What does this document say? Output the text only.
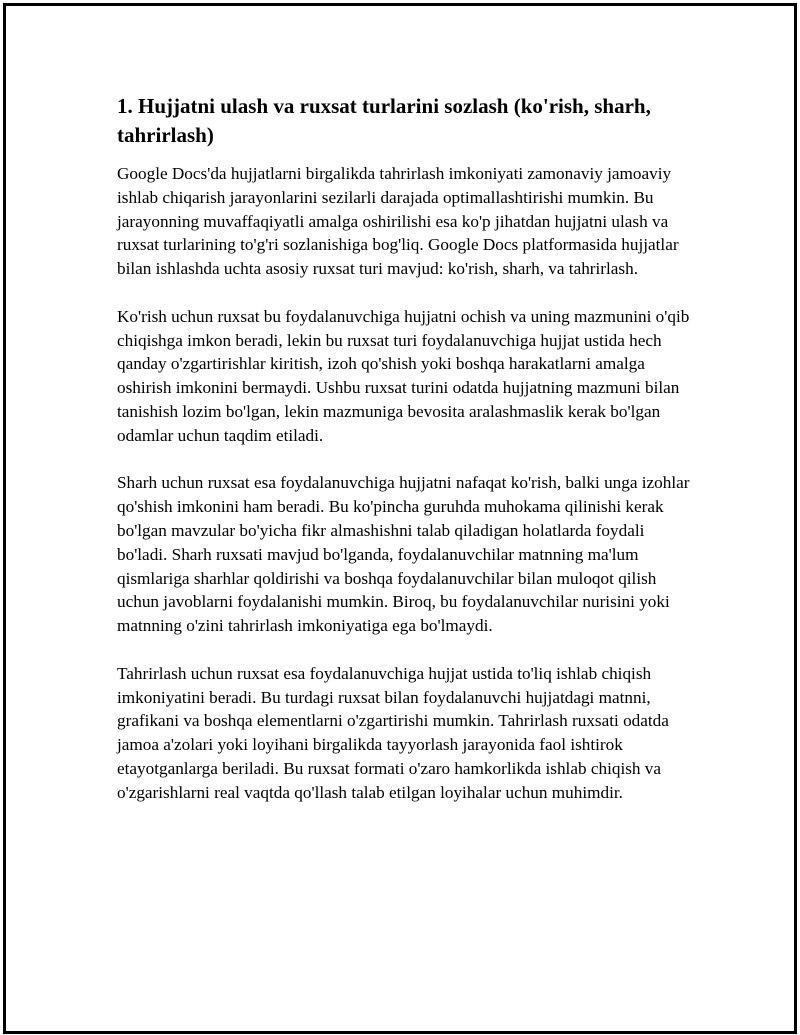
1. Hujjatni ulash va ruxsat turlarini sozlash (ko'rish, sharh, tahrirlash)

Google Docs'da hujjatlarni birgalikda tahrirlash imkoniyati zamonaviy jamoaviy ishlab chiqarish jarayonlarini sezilarli darajada optimallashtirishi mumkin. Bu jarayonning muvaffaqiyatli amalga oshirilishi esa ko'p jihatdan hujjatni ulash va ruxsat turlarining to'g'ri sozlanishiga bog'liq. Google Docs platformasida hujjatlar bilan ishlashda uchta asosiy ruxsat turi mavjud: ko'rish, sharh, va tahrirlash.

Ko'rish uchun ruxsat bu foydalanuvchiga hujjatni ochish va uning mazmunini o'qib chiqishga imkon beradi, lekin bu ruxsat turi foydalanuvchiga hujjat ustida hech qanday o'zgartirishlar kiritish, izoh qo'shish yoki boshqa harakatlarni amalga oshirish imkonini bermaydi. Ushbu ruxsat turini odatda hujjatning mazmuni bilan tanishish lozim bo'lgan, lekin mazmuniga bevosita aralashmaslik kerak bo'lgan odamlar uchun taqdim etiladi.

Sharh uchun ruxsat esa foydalanuvchiga hujjatni nafaqat ko'rish, balki unga izohlar qo'shish imkonini ham beradi. Bu ko'pincha guruhda muhokama qilinishi kerak bo'lgan mavzular bo'yicha fikr almashishni talab qiladigan holatlarda foydali bo'ladi. Sharh ruxsati mavjud bo'lganda, foydalanuvchilar matnning ma'lum qismlariga sharhlar qoldirishi va boshqa foydalanuvchilar bilan muloqot qilish uchun javoblarni foydalanishi mumkin. Biroq, bu foydalanuvchilar nurisini yoki matnning o'zini tahrirlash imkoniyatiga ega bo'lmaydi.

Tahrirlash uchun ruxsat esa foydalanuvchiga hujjat ustida to'liq ishlab chiqish imkoniyatini beradi. Bu turdagi ruxsat bilan foydalanuvchi hujjatdagi matnni, grafikani va boshqa elementlarni o'zgartirishi mumkin. Tahrirlash ruxsati odatda jamoa a'zolari yoki loyihani birgalikda tayyorlash jarayonida faol ishtirok etayotganlarga beriladi. Bu ruxsat formati o'zaro hamkorlikda ishlab chiqish va o'zgarishlarni real vaqtda qo'llash talab etilgan loyihalar uchun muhimdir.
